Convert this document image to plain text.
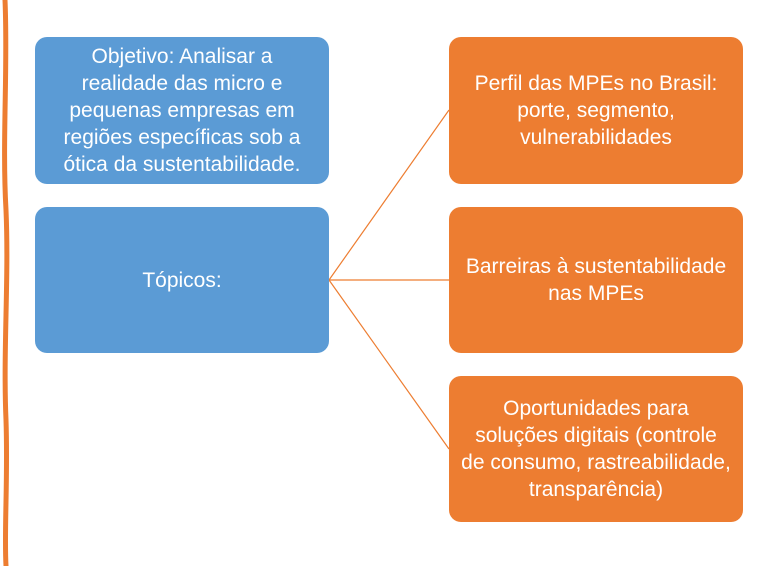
Objetivo: Analisar a realidade das micro e pequenas empresas em regiões específicas sob a ótica da sustentabilidade.
Tópicos:
Perfil das MPEs no Brasil: porte, segmento, vulnerabilidades
Barreiras à sustentabilidade nas MPEs
Oportunidades para soluções digitais (controle de consumo, rastreabilidade, transparência)
